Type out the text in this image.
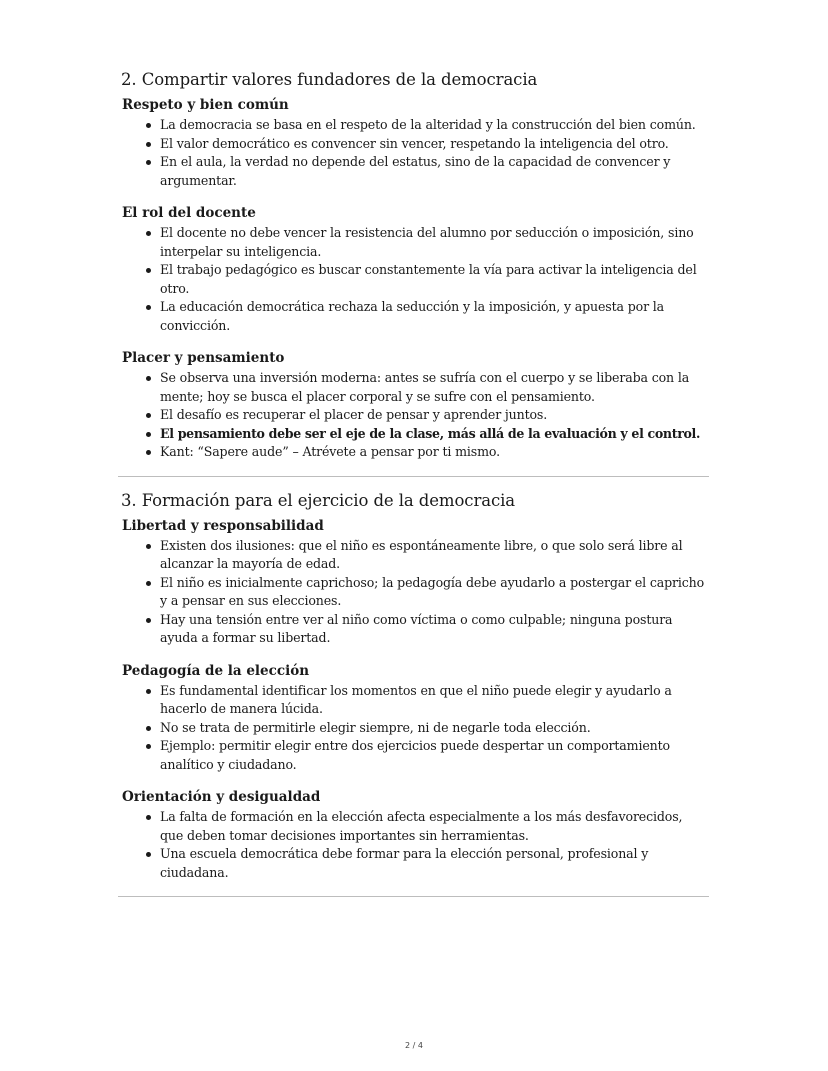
2. Compartir valores fundadores de la democracia
Respeto y bien común
La democracia se basa en el respeto de la alteridad y la construcción del bien común.
El valor democrático es convencer sin vencer, respetando la inteligencia del otro.
En el aula, la verdad no depende del estatus, sino de la capacidad de convencer y argumentar.
El rol del docente
El docente no debe vencer la resistencia del alumno por seducción o imposición, sino interpelar su inteligencia.
El trabajo pedagógico es buscar constantemente la vía para activar la inteligencia del otro.
La educación democrática rechaza la seducción y la imposición, y apuesta por la convicción.
Placer y pensamiento
Se observa una inversión moderna: antes se sufría con el cuerpo y se liberaba con la mente; hoy se busca el placer corporal y se sufre con el pensamiento.
El desafío es recuperar el placer de pensar y aprender juntos.
El pensamiento debe ser el eje de la clase, más allá de la evaluación y el control.
Kant: “Sapere aude” – Atrévete a pensar por ti mismo.
3. Formación para el ejercicio de la democracia
Libertad y responsabilidad
Existen dos ilusiones: que el niño es espontáneamente libre, o que solo será libre al alcanzar la mayoría de edad.
El niño es inicialmente caprichoso; la pedagogía debe ayudarlo a postergar el capricho y a pensar en sus elecciones.
Hay una tensión entre ver al niño como víctima o como culpable; ninguna postura ayuda a formar su libertad.
Pedagogía de la elección
Es fundamental identificar los momentos en que el niño puede elegir y ayudarlo a hacerlo de manera lúcida.
No se trata de permitirle elegir siempre, ni de negarle toda elección.
Ejemplo: permitir elegir entre dos ejercicios puede despertar un comportamiento analítico y ciudadano.
Orientación y desigualdad
La falta de formación en la elección afecta especialmente a los más desfavorecidos, que deben tomar decisiones importantes sin herramientas.
Una escuela democrática debe formar para la elección personal, profesional y ciudadana.
2 / 4
